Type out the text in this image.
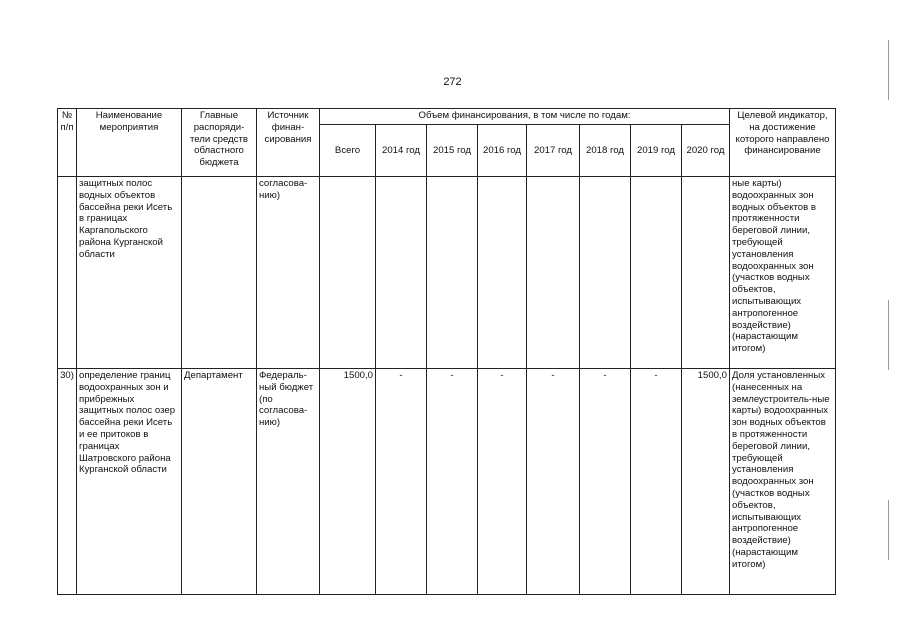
272
№ п/п	Наименование мероприятия	Главные распоряди-тели средств областного бюджета	Источник финан-сирования	Объем финансирования, в том числе по годам:								Целевой индикатор, на достижение которого направлено финансирование
				Всего	2014 год	2015 год	2016 год	2017 год	2018 год	2019 год	2020 год	
	защитных полос водных объектов бассейна реки Исеть в границах Каргапольского района Курганской области		согласова-нию)									ные карты) водоохранных зон водных объектов в протяженности береговой линии, требующей установления водоохранных зон (участков водных объектов, испытывающих антропогенное воздействие) (нарастающим итогом)
30)	определение границ водоохранных зон и прибрежных защитных полос озер бассейна реки Исеть и ее притоков в границах Шатровского района Курганской области	Департамент	Федераль-ный бюджет (по согласова-нию)	1500,0	-	-	-	-	-	-	1500,0	Доля установленных (нанесенных на землеустроитель-ные карты) водоохранных зон водных объектов в протяженности береговой линии, требующей установления водоохранных зон (участков водных объектов, испытывающих антропогенное воздействие) (нарастающим итогом)
